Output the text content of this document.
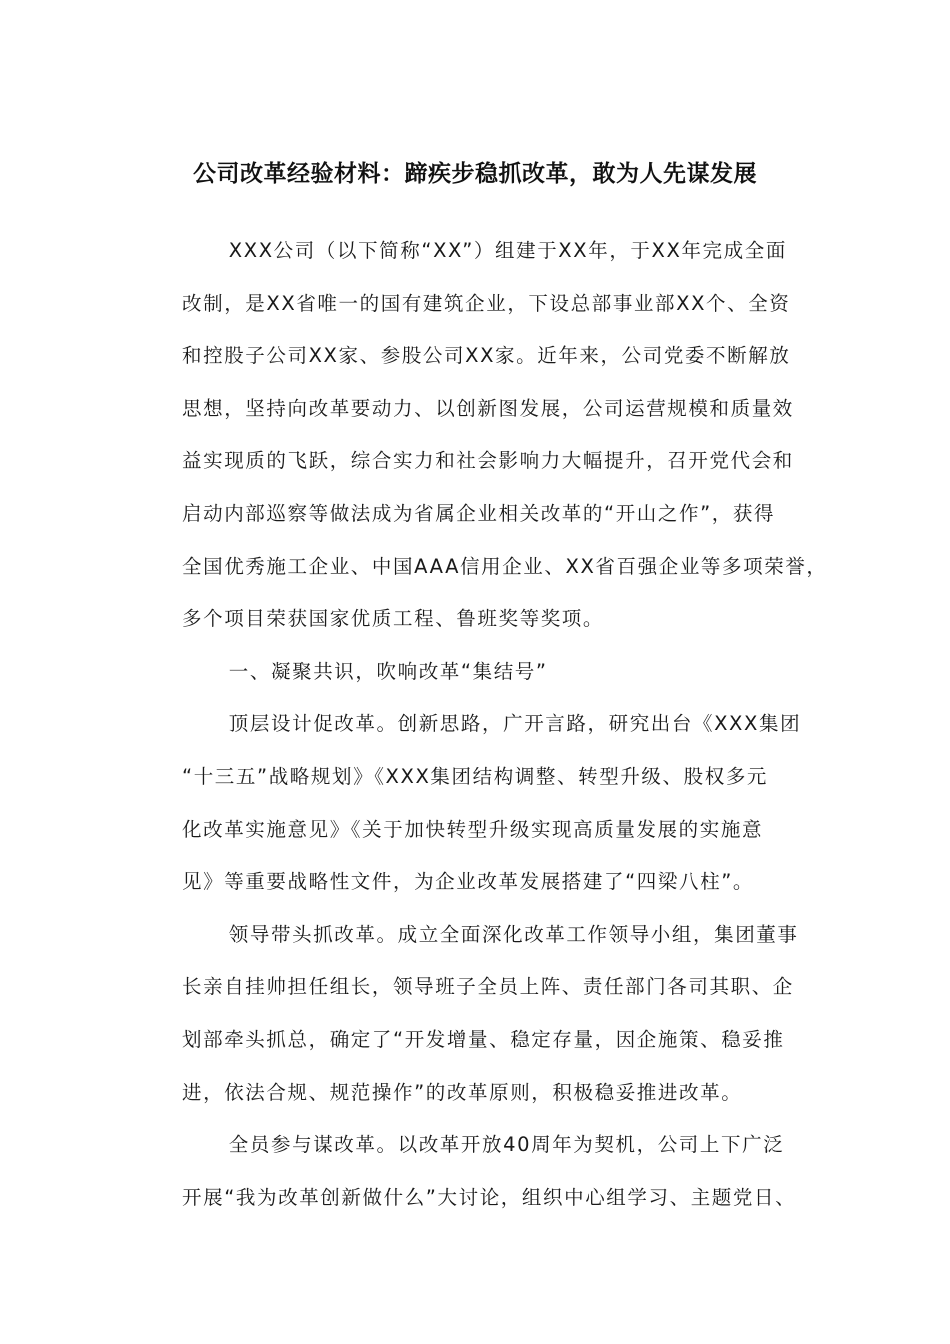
公司改革经验材料：蹄疾步稳抓改革，敢为人先谋发展

XXX公司（以下简称“XX”）组建于XX年，于XX年完成全面
改制，是XX省唯一的国有建筑企业，下设总部事业部XX个、全资
和控股子公司XX家、参股公司XX家。近年来，公司党委不断解放
思想，坚持向改革要动力、以创新图发展，公司运营规模和质量效
益实现质的飞跃，综合实力和社会影响力大幅提升，召开党代会和
启动内部巡察等做法成为省属企业相关改革的“开山之作”，获得
全国优秀施工企业、中国AAA信用企业、XX省百强企业等多项荣誉，
多个项目荣获国家优质工程、鲁班奖等奖项。

一、凝聚共识，吹响改革“集结号”

顶层设计促改革。创新思路，广开言路，研究出台《XXX集团
“十三五”战略规划》《XXX集团结构调整、转型升级、股权多元
化改革实施意见》《关于加快转型升级实现高质量发展的实施意
见》等重要战略性文件，为企业改革发展搭建了“四梁八柱”。

领导带头抓改革。成立全面深化改革工作领导小组，集团董事
长亲自挂帅担任组长，领导班子全员上阵、责任部门各司其职、企
划部牵头抓总，确定了“开发增量、稳定存量，因企施策、稳妥推
进，依法合规、规范操作”的改革原则，积极稳妥推进改革。

全员参与谋改革。以改革开放40周年为契机，公司上下广泛
开展“我为改革创新做什么”大讨论，组织中心组学习、主题党日、
